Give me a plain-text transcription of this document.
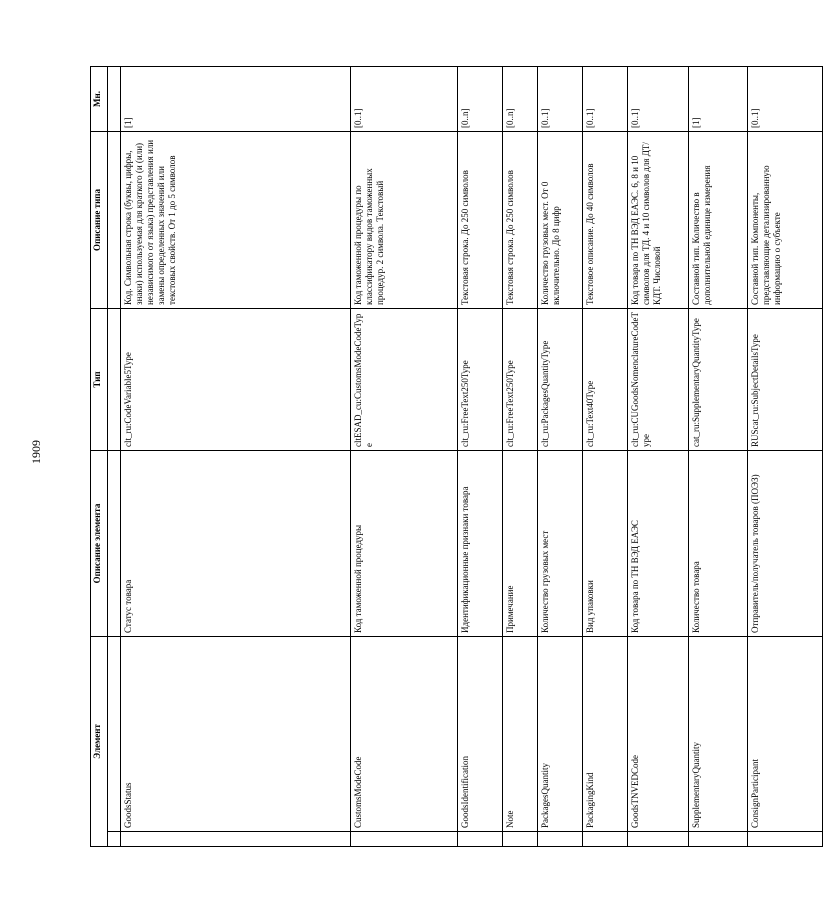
1909
Элемент		Описание элемента	Тип	Описание типа	Мн.

	GoodsStatus	Статус товара	clt_ru:CodeVariable5Type	Код. Символьная строка (буквы, цифры, знаки) используемая для краткого (и (или) независимого от языка) представления или замены определенных значений или текстовых свойств. От 1 до 5 символов	[1]
	CustomsModeCode	Код таможенной процедуры	cltESAD_cu:CustomsModeCodeType	Код таможенной процедуры по классификатору видов таможенных процедур. 2 символа. Текстовый	[0..1]
	GoodsIdentification	Идентификационные признаки товара	clt_ru:FreeText250Type	Текстовая строка. До 250 символов	[0..n]
	Note	Примечание	clt_ru:FreeText250Type	Текстовая строка. До 250 символов	[0..n]
	PackagesQuantity	Количество грузовых мест	clt_ru:PackagesQuantityType	Количество грузовых мест. От 0 включительно. До 8 цифр	[0..1]
	PackagingKind	Вид упаковки	clt_ru:Text40Type	Текстовое описание. До 40 символов	[0..1]
	GoodsTNVEDCode	Код товара по ТН ВЭД ЕАЭС	clt_ru:CUGoodsNomenclatureCodeType	Код товара по ТН ВЭД ЕАЭС. 6, 8 и 10 символов для ТД. 4 и 10 символов для ДТ/КДТ. Числовой	[0..1]
	SupplementaryQuantity	Количество товара	cat_ru:SupplementaryQuantityType	Составной тип. Количество в дополнительной единице измерения	[1]
	ConsignParticipant	Отправитель/получатель товаров (ПОЭЗ)	RUScat_ru:SubjectDetailsType	Составной тип. Компоненты, представляющие детализированную информацию о субъекте	[0..1]
